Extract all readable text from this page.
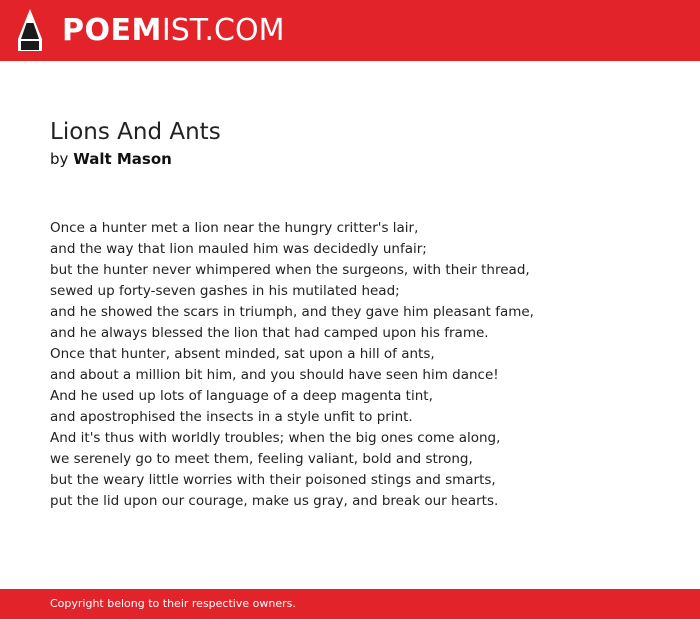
POEMIST.COM
Lions And Ants
by Walt Mason
Once a hunter met a lion near the hungry critter's lair,
and the way that lion mauled him was decidedly unfair;
but the hunter never whimpered when the surgeons, with their thread,
sewed up forty-seven gashes in his mutilated head;
and he showed the scars in triumph, and they gave him pleasant fame,
and he always blessed the lion that had camped upon his frame.
Once that hunter, absent minded, sat upon a hill of ants,
and about a million bit him, and you should have seen him dance!
And he used up lots of language of a deep magenta tint,
and apostrophised the insects in a style unfit to print.
And it's thus with worldly troubles; when the big ones come along,
we serenely go to meet them, feeling valiant, bold and strong,
but the weary little worries with their poisoned stings and smarts,
put the lid upon our courage, make us gray, and break our hearts.
Copyright belong to their respective owners.
